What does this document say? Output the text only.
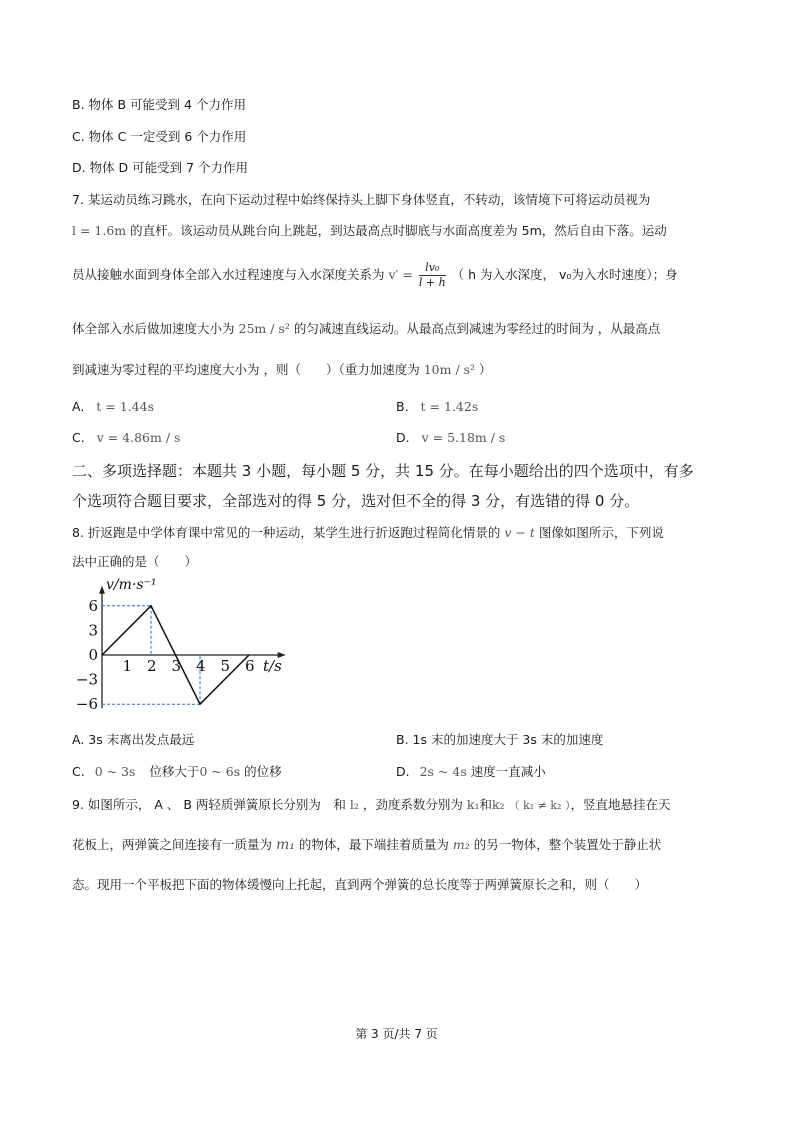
B. 物体 B 可能受到 4 个力作用
C. 物体 C 一定受到 6 个力作用
D. 物体 D 可能受到 7 个力作用
7. 某运动员练习跳水，在向下运动过程中始终保持头上脚下身体竖直，不转动，该情境下可将运动员视为
l = 1.6m 的直杆。该运动员从跳台向上跳起，到达最高点时脚底与水面高度差为 5m，然后自由下落。运动
员从接触水面到身体全部入水过程速度与入水深度关系为 $v' = \frac{\text{lv₀}}{l + h}$ （ h 为入水深度， v₀为入水时速度）；身
体全部入水后做加速度大小为 25m / s² 的匀减速直线运动。从最高点到减速为零经过的时间为 ，从最高点
到减速为零过程的平均速度大小为 ，则（　　）（重力加速度为 10m / s² ）
A. t = 1.44s	B. t = 1.42s
C. v = 4.86m / s	D. v = 5.18m / s
二、多项选择题：本题共 3 小题，每小题 5 分，共 15 分。在每小题给出的四个选项中，有多
个选项符合题目要求，全部选对的得 5 分，选对但不全的得 3 分，有选错的得 0 分。
8. 折返跑是中学体育课中常见的一种运动，某学生进行折返跑过程简化情景的 v − t 图像如图所示，下列说
法中正确的是（　　）
1 2 3 4 5 6
6
3
0
−3
−6
v/m·s⁻¹
t/s
A. 3s 末离出发点最远	B. 1s 末的加速度大于 3s 末的加速度
C. 0 ~ 3s 位移大于0 ~ 6s 的位移	D. 2s ~ 4s 速度一直减小
9. 如图所示， A 、 B 两轻质弹簧原长分别为　和 l₂ ，劲度系数分别为 k₁和k₂ （ k₁ ≠ k₂ ），竖直地悬挂在天
花板上，两弹簧之间连接有一质量为 m₁ 的物体，最下端挂着质量为 m₂ 的另一物体，整个装置处于静止状
态。现用一个平板把下面的物体缓慢向上托起，直到两个弹簧的总长度等于两弹簧原长之和，则（　　）
第 3 页/共 7 页
